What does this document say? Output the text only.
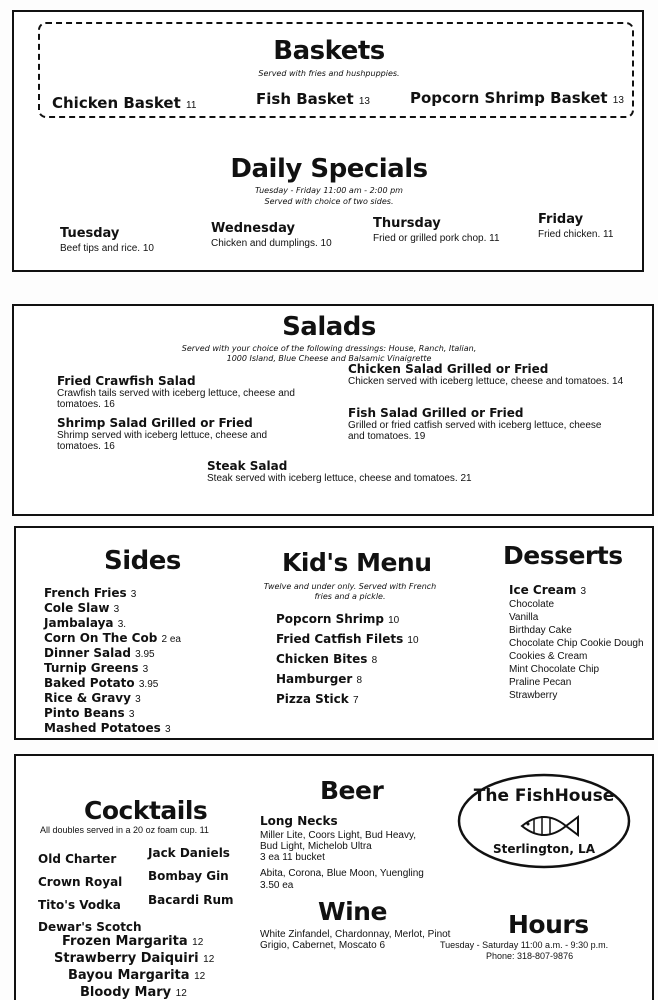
Baskets
Served with fries and hushpuppies.
Chicken Basket 11	Fish Basket 13	Popcorn Shrimp Basket 13
Daily Specials
Tuesday - Friday 11:00 am - 2:00 pm
Served with choice of two sides.
Tuesday
Beef tips and rice. 10
Wednesday
Chicken and dumplings. 10
Thursday
Fried or grilled pork chop. 11
Friday
Fried chicken. 11
Salads
Served with your choice of the following dressings: House, Ranch, Italian,
1000 Island, Blue Cheese and Balsamic Vinaigrette
Fried Crawfish Salad
Crawfish tails served with iceberg lettuce, cheese and
tomatoes. 16
Chicken Salad Grilled or Fried
Chicken served with iceberg lettuce, cheese and tomatoes. 14
Shrimp Salad Grilled or Fried
Shrimp served with iceberg lettuce, cheese and
tomatoes. 16
Fish Salad Grilled or Fried
Grilled or fried catfish served with iceberg lettuce, cheese
and tomatoes. 19
Steak Salad
Steak served with iceberg lettuce, cheese and tomatoes. 21
Sides
French Fries 3
Cole Slaw 3
Jambalaya 3.
Corn On The Cob 2 ea
Dinner Salad 3.95
Turnip Greens 3
Baked Potato 3.95
Rice & Gravy 3
Pinto Beans 3
Mashed Potatoes 3
Kid's Menu
Twelve and under only. Served with French
fries and a pickle.
Popcorn Shrimp 10
Fried Catfish Filets 10
Chicken Bites 8
Hamburger 8
Pizza Stick 7
Desserts
Ice Cream 3
Chocolate
Vanilla
Birthday Cake
Chocolate Chip Cookie Dough
Cookies & Cream
Mint Chocolate Chip
Praline Pecan
Strawberry
Cocktails
All doubles served in a 20 oz foam cup. 11
Old Charter	Jack Daniels
Crown Royal Bombay Gin
Tito's Vodka Bacardi Rum
Dewar's Scotch
Frozen Margarita 12
Strawberry Daiquiri 12
Bayou Margarita 12
Bloody Mary 12
Beer
Long Necks
Miller Lite, Coors Light, Bud Heavy,
Bud Light, Michelob Ultra
3 ea 11 bucket
Abita, Corona, Blue Moon, Yuengling
3.50 ea
Wine
White Zinfandel, Chardonnay, Merlot, Pinot
Grigio, Cabernet, Moscato 6
The FishHouse
Sterlington, LA
Hours
Tuesday - Saturday 11:00 a.m. - 9:30 p.m.
Phone: 318-807-9876
